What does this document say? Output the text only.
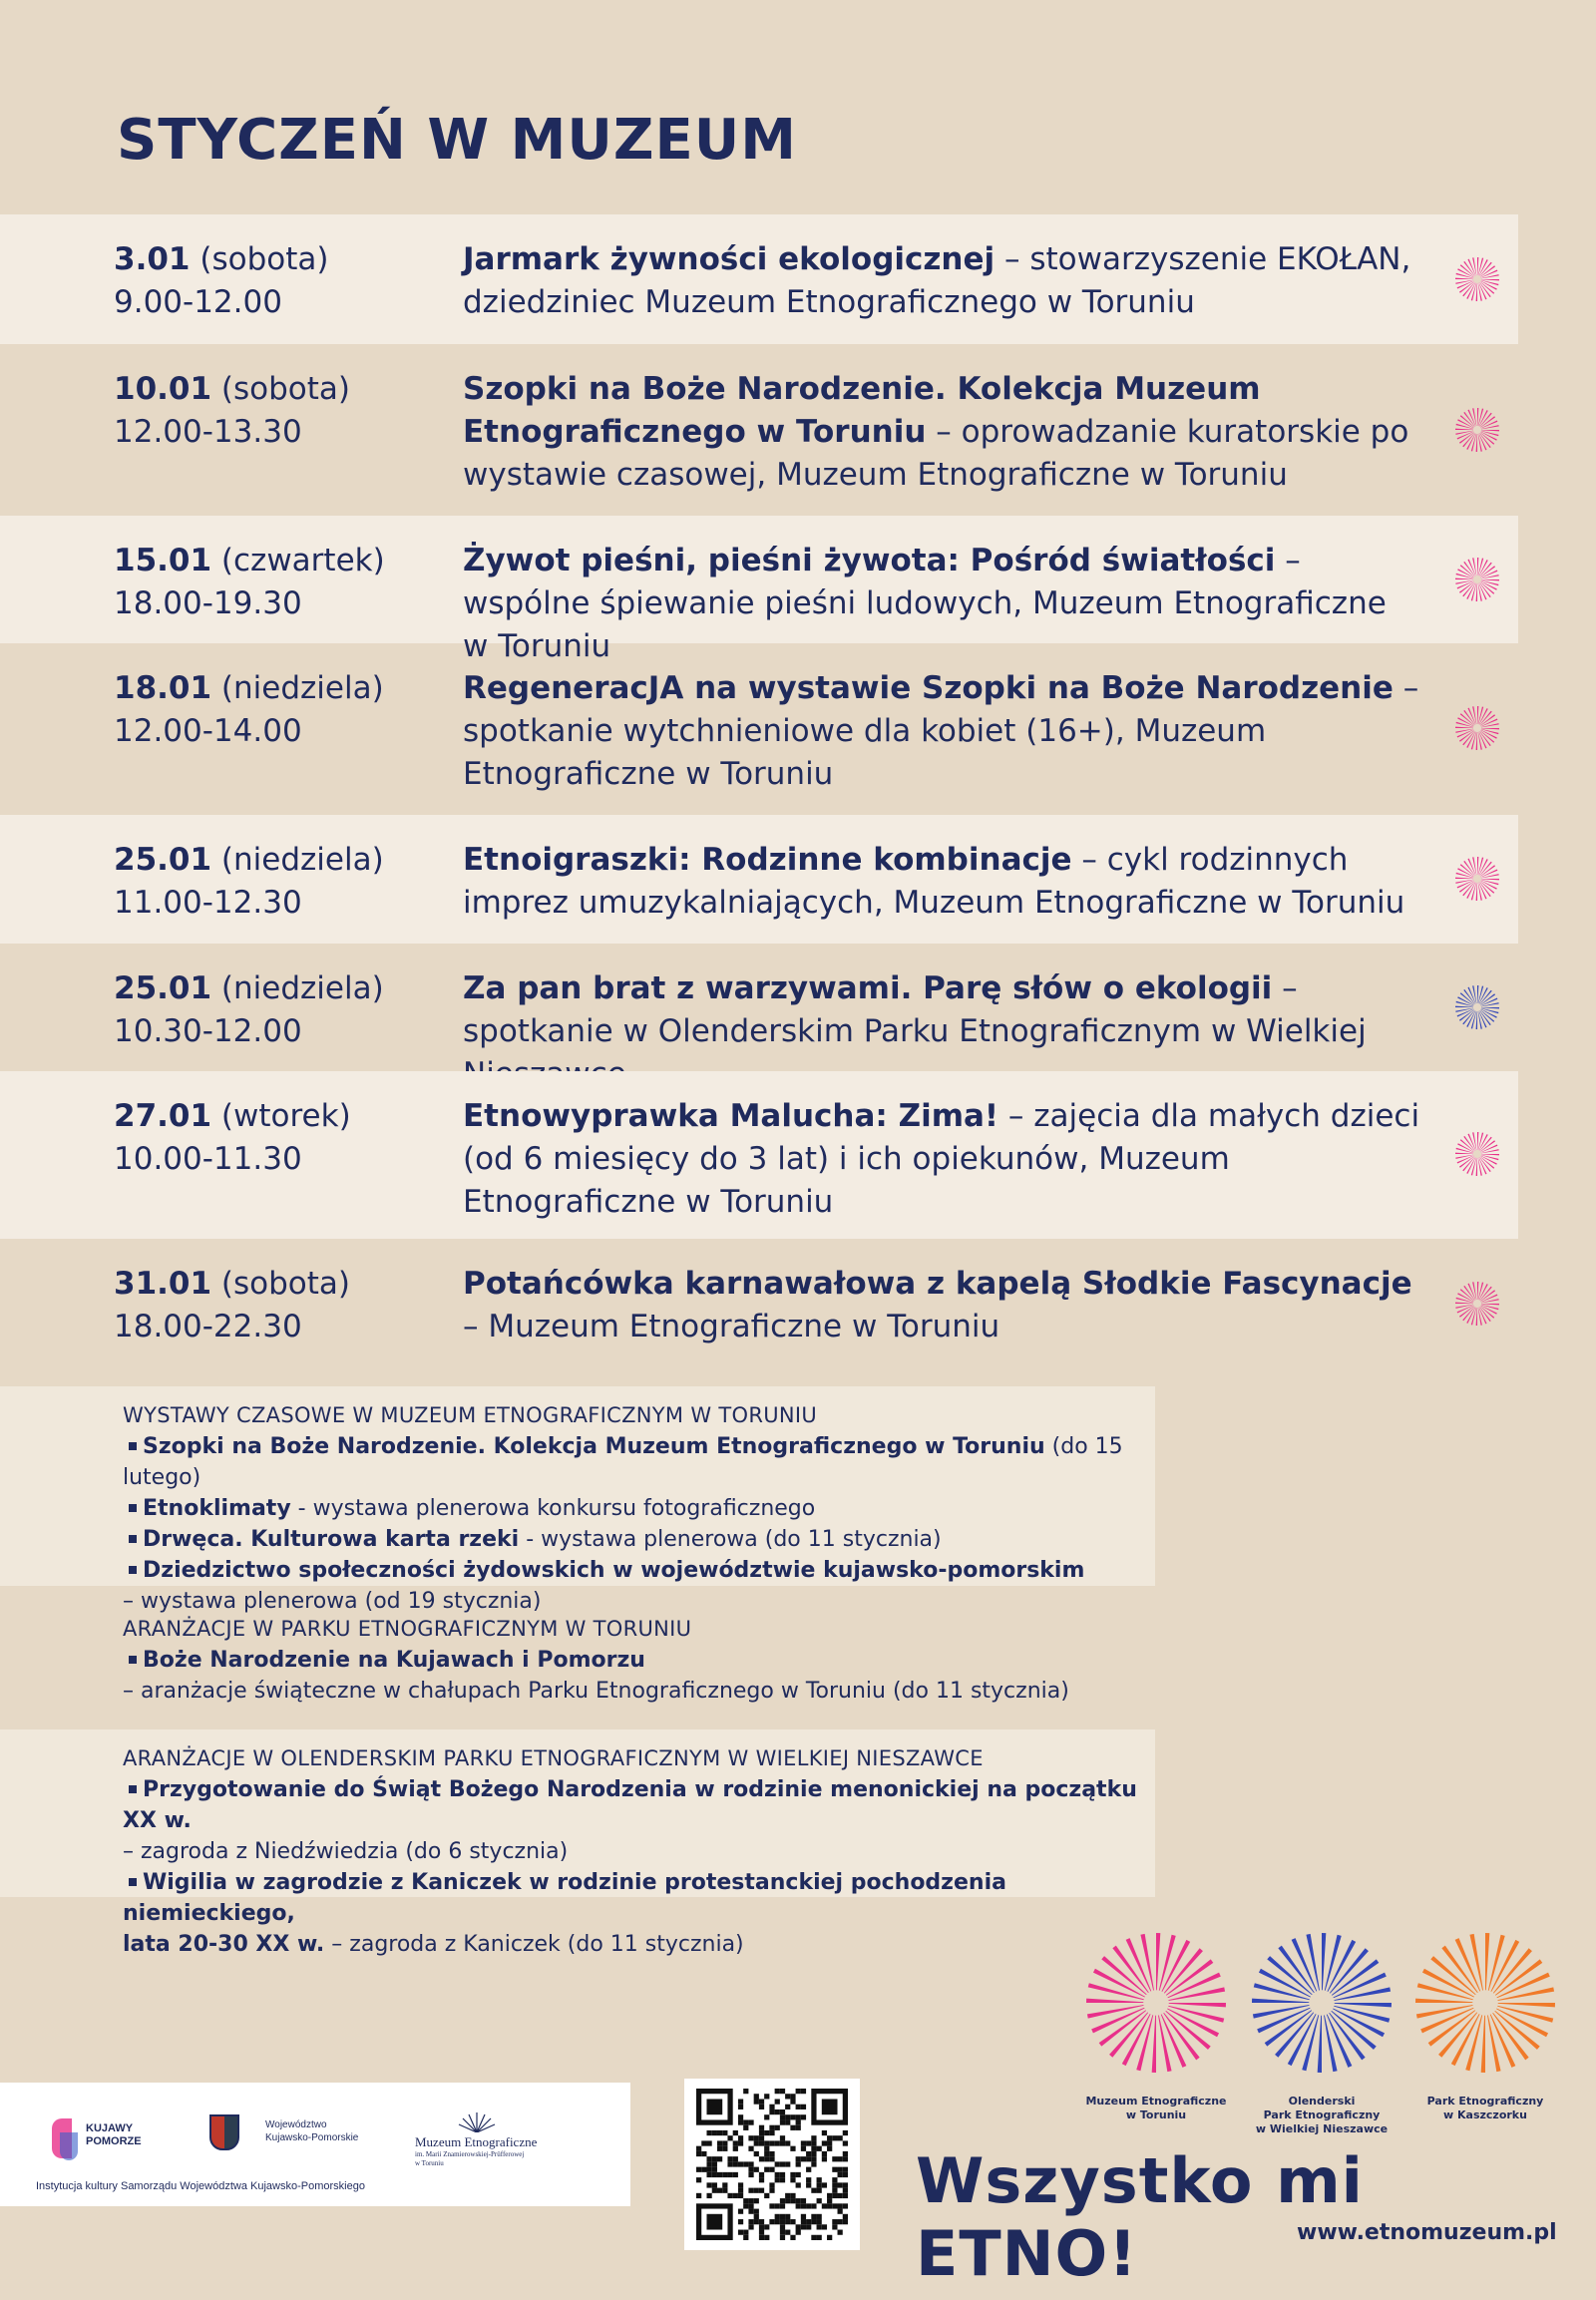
STYCZEŃ W MUZEUM
3.01 (sobota)
9.00-12.00
Jarmark żywności ekologicznej – stowarzyszenie EKOŁAN, dziedziniec Muzeum Etnograficznego w Toruniu
10.01 (sobota)
12.00-13.30
Szopki na Boże Narodzenie. Kolekcja Muzeum Etnograficznego w Toruniu – oprowadzanie kuratorskie po wystawie czasowej, Muzeum Etnograficzne w Toruniu
15.01 (czwartek)
18.00-19.30
Żywot pieśni, pieśni żywota: Pośród światłości – wspólne śpiewanie pieśni ludowych, Muzeum Etnograficzne w Toruniu
18.01 (niedziela)
12.00-14.00
RegeneracJA na wystawie Szopki na Boże Narodzenie – spotkanie wytchnieniowe dla kobiet (16+), Muzeum Etnograficzne w Toruniu
25.01 (niedziela)
11.00-12.30
Etnoigraszki: Rodzinne kombinacje – cykl rodzinnych imprez umuzykalniających, Muzeum Etnograficzne w Toruniu
25.01 (niedziela)
10.30-12.00
Za pan brat z warzywami. Parę słów o ekologii – spotkanie w Olenderskim Parku Etnograficznym w Wielkiej
27.01 (wtorek)
10.00-11.30
Etnowyprawka Malucha: Zima! – zajęcia dla małych dzieci (od 6 miesięcy do 3 lat) i ich opiekunów, Muzeum Etnograficzne w Toruniu
31.01 (sobota)
18.00-22.30
Potańcówka karnawałowa z kapelą Słodkie Fascynacje – Muzeum Etnograficzne w Toruniu
WYSTAWY CZASOWE W MUZEUM ETNOGRAFICZNYM W TORUNIU
Szopki na Boże Narodzenie. Kolekcja Muzeum Etnograficznego w Toruniu (do 15 lutego)
Etnoklimaty - wystawa plenerowa konkursu fotograficznego
Drwęca. Kulturowa karta rzeki - wystawa plenerowa (do 11 stycznia)
Dziedzictwo społeczności żydowskich w województwie kujawsko-pomorskim
– wystawa plenerowa (od 19 stycznia)
ARANŻACJE W PARKU ETNOGRAFICZNYM W TORUNIU
Boże Narodzenie na Kujawach i Pomorzu
– aranżacje świąteczne w chałupach Parku Etnograficznego w Toruniu (do 11 stycznia)
ARANŻACJE W OLENDERSKIM PARKU ETNOGRAFICZNYM W WIELKIEJ NIESZAWCE
Przygotowanie do Świąt Bożego Narodzenia w rodzinie menonickiej na początku XX w.
– zagroda z Niedźwiedzia (do 6 stycznia)
Wigilia w zagrodzie z Kaniczek w rodzinie protestanckiej pochodzenia niemieckiego,
lata 20-30 XX w. – zagroda z Kaniczek (do 11 stycznia)
Muzeum Etnograficzne
w Toruniu
Olenderski
Park Etnograficzny
w Wielkiej Nieszawce
Park Etnograficzny
w Kaszczorku
KUJAWY
POMORZE
Województwo
Kujawsko-Pomorskie	Muzeum Etnograficzne
im. Marii Znamierowskiej-Prüfferowej
w Toruniu
Instytucja kultury Samorządu Województwa Kujawsko-Pomorskiego	Wszystko mi ETNO!	www.etnomuzeum.pl
